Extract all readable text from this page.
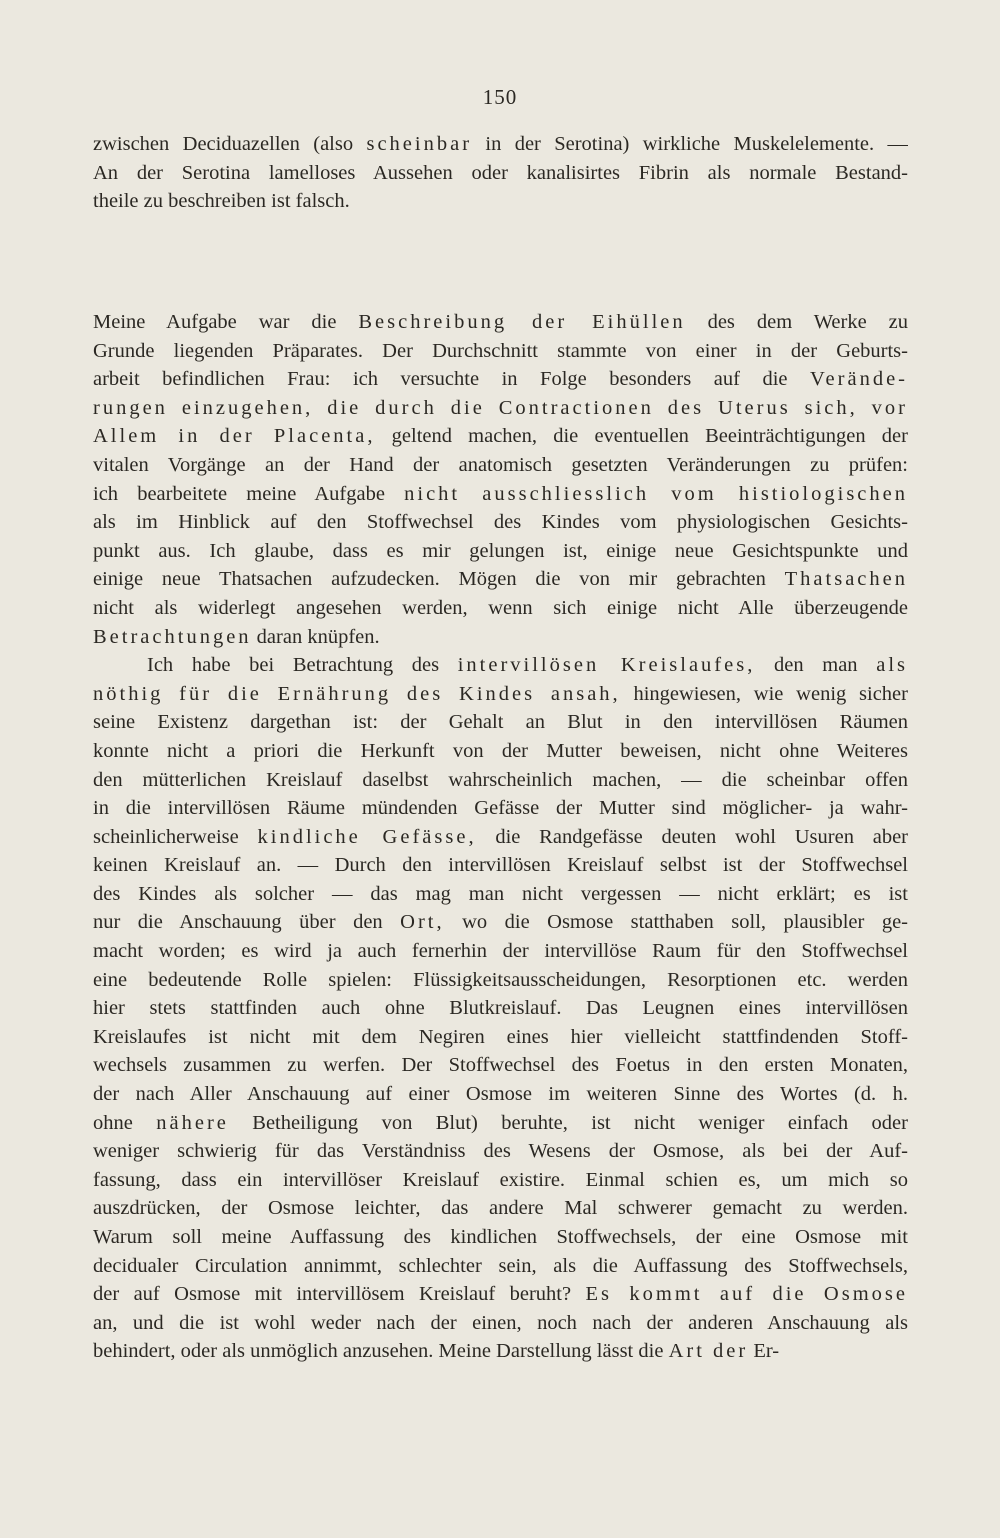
150
zwischen Deciduazellen (also scheinbar in der Serotina) wirkliche Muskelelemente. —
An der Serotina lamelloses Aussehen oder kanalisirtes Fibrin als normale Bestand-
theile zu beschreiben ist falsch.
Meine Aufgabe war die Beschreibung der Eihüllen des dem Werke zu
Grunde liegenden Präparates. Der Durchschnitt stammte von einer in der Geburts-
arbeit befindlichen Frau: ich versuchte in Folge besonders auf die Verände-
rungen einzugehen, die durch die Contractionen des Uterus sich, vor
Allem in der Placenta, geltend machen, die eventuellen Beeinträchtigungen der
vitalen Vorgänge an der Hand der anatomisch gesetzten Veränderungen zu prüfen:
ich bearbeitete meine Aufgabe nicht ausschliesslich vom histiologischen
als im Hinblick auf den Stoffwechsel des Kindes vom physiologischen Gesichts-
punkt aus. Ich glaube, dass es mir gelungen ist, einige neue Gesichtspunkte und
einige neue Thatsachen aufzudecken. Mögen die von mir gebrachten Thatsachen
nicht als widerlegt angesehen werden, wenn sich einige nicht Alle überzeugende
Betrachtungen daran knüpfen.
Ich habe bei Betrachtung des intervillösen Kreislaufes, den man als
nöthig für die Ernährung des Kindes ansah, hingewiesen, wie wenig sicher
seine Existenz dargethan ist: der Gehalt an Blut in den intervillösen Räumen
konnte nicht a priori die Herkunft von der Mutter beweisen, nicht ohne Weiteres
den mütterlichen Kreislauf daselbst wahrscheinlich machen, — die scheinbar offen
in die intervillösen Räume mündenden Gefässe der Mutter sind möglicher- ja wahr-
scheinlicherweise kindliche Gefässe, die Randgefässe deuten wohl Usuren aber
keinen Kreislauf an. — Durch den intervillösen Kreislauf selbst ist der Stoffwechsel
des Kindes als solcher — das mag man nicht vergessen — nicht erklärt; es ist
nur die Anschauung über den Ort, wo die Osmose statthaben soll, plausibler ge-
macht worden; es wird ja auch fernerhin der intervillöse Raum für den Stoffwechsel
eine bedeutende Rolle spielen: Flüssigkeitsausscheidungen, Resorptionen etc. werden
hier stets stattfinden auch ohne Blutkreislauf. Das Leugnen eines intervillösen
Kreislaufes ist nicht mit dem Negiren eines hier vielleicht stattfindenden Stoff-
wechsels zusammen zu werfen. Der Stoffwechsel des Foetus in den ersten Monaten,
der nach Aller Anschauung auf einer Osmose im weiteren Sinne des Wortes (d. h.
ohne nähere Betheiligung von Blut) beruhte, ist nicht weniger einfach oder
weniger schwierig für das Verständniss des Wesens der Osmose, als bei der Auf-
fassung, dass ein intervillöser Kreislauf existire. Einmal schien es, um mich so
auszdrücken, der Osmose leichter, das andere Mal schwerer gemacht zu werden.
Warum soll meine Auffassung des kindlichen Stoffwechsels, der eine Osmose mit
decidualer Circulation annimmt, schlechter sein, als die Auffassung des Stoffwechsels,
der auf Osmose mit intervillösem Kreislauf beruht? Es kommt auf die Osmose
an, und die ist wohl weder nach der einen, noch nach der anderen Anschauung als
behindert, oder als unmöglich anzusehen. Meine Darstellung lässt die Art der Er-
